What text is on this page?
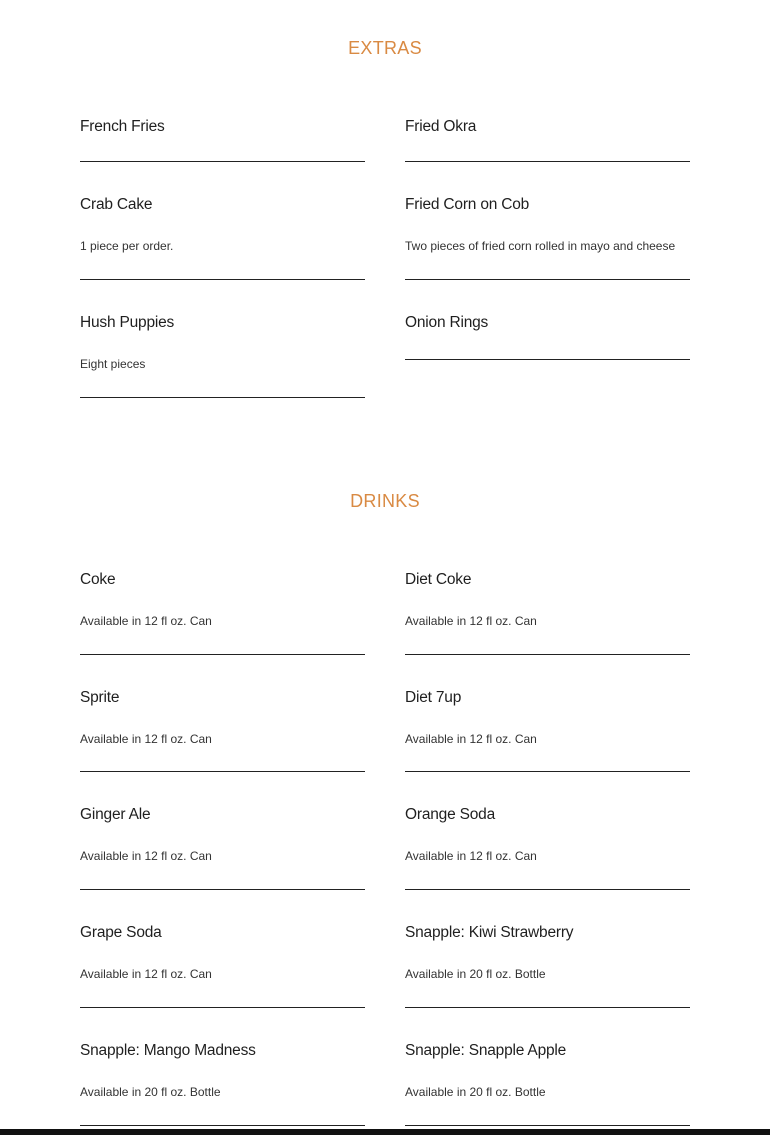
EXTRAS
French Fries	Fried Okra
Crab Cake
1 piece per order.
Fried Corn on Cob
Two pieces of fried corn rolled in mayo and cheese
Hush Puppies
Eight pieces
Onion Rings
DRINKS
Coke
Available in 12 fl oz. Can
Diet Coke
Available in 12 fl oz. Can
Sprite
Available in 12 fl oz. Can
Diet 7up
Available in 12 fl oz. Can
Ginger Ale
Available in 12 fl oz. Can
Orange Soda
Available in 12 fl oz. Can
Grape Soda
Available in 12 fl oz. Can
Snapple: Kiwi Strawberry
Available in 20 fl oz. Bottle
Snapple: Mango Madness
Available in 20 fl oz. Bottle
Snapple: Snapple Apple
Available in 20 fl oz. Bottle
